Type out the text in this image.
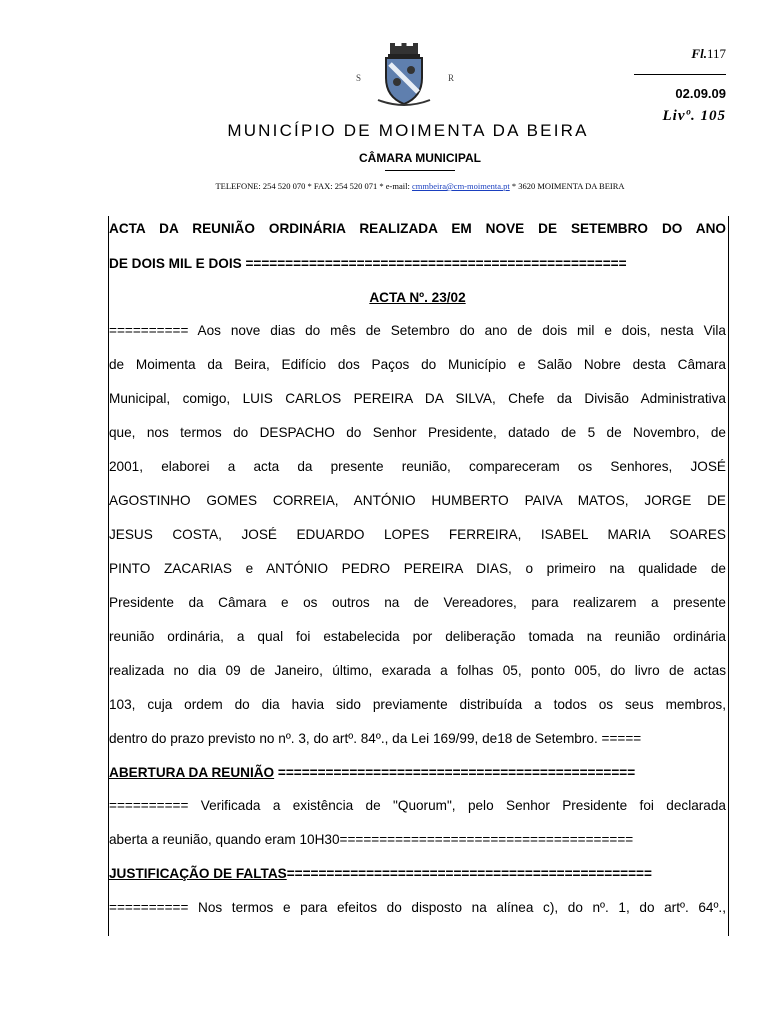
S	R
Fl.117
02.09.09
Livº. 105
MUNICÍPIO DE MOIMENTA DA BEIRA
CÂMARA MUNICIPAL
TELEFONE: 254 520 070 * FAX: 254 520 071 * e-mail: cmmbeira@cm-moimenta.pt * 3620 MOIMENTA DA BEIRA
ACTA DA REUNIÃO ORDINÁRIA REALIZADA EM NOVE DE SETEMBRO DO ANO
DE DOIS MIL E DOIS ================================================
ACTA Nº. 23/02
========== Aos nove dias do mês de Setembro do ano de dois mil e dois, nesta Vila
de Moimenta da Beira, Edifício dos Paços do Município e Salão Nobre desta Câmara
Municipal, comigo, LUIS CARLOS PEREIRA DA SILVA, Chefe da Divisão Administrativa
que, nos termos do DESPACHO do Senhor Presidente, datado de 5 de Novembro, de
2001, elaborei a acta da presente reunião, compareceram os Senhores, JOSÉ
AGOSTINHO GOMES CORREIA, ANTÓNIO HUMBERTO PAIVA MATOS, JORGE DE
JESUS COSTA, JOSÉ EDUARDO LOPES FERREIRA, ISABEL MARIA SOARES
PINTO ZACARIAS e ANTÓNIO PEDRO PEREIRA DIAS, o primeiro na qualidade de
Presidente da Câmara e os outros na de Vereadores, para realizarem a presente
reunião ordinária, a qual foi estabelecida por deliberação tomada na reunião ordinária
realizada no dia 09 de Janeiro, último, exarada a folhas 05, ponto 005, do livro de actas
103, cuja ordem do dia havia sido previamente distribuída a todos os seus membros,
dentro do prazo previsto no nº. 3, do artº. 84º., da Lei 169/99, de18 de Setembro. =====
ABERTURA DA REUNIÃO =============================================
========== Verificada a existência de "Quorum", pelo Senhor Presidente foi declarada
aberta a reunião, quando eram 10H30=====================================
JUSTIFICAÇÃO DE FALTAS==============================================
========== Nos termos e para efeitos do disposto na alínea c), do nº. 1, do artº. 64º.,
